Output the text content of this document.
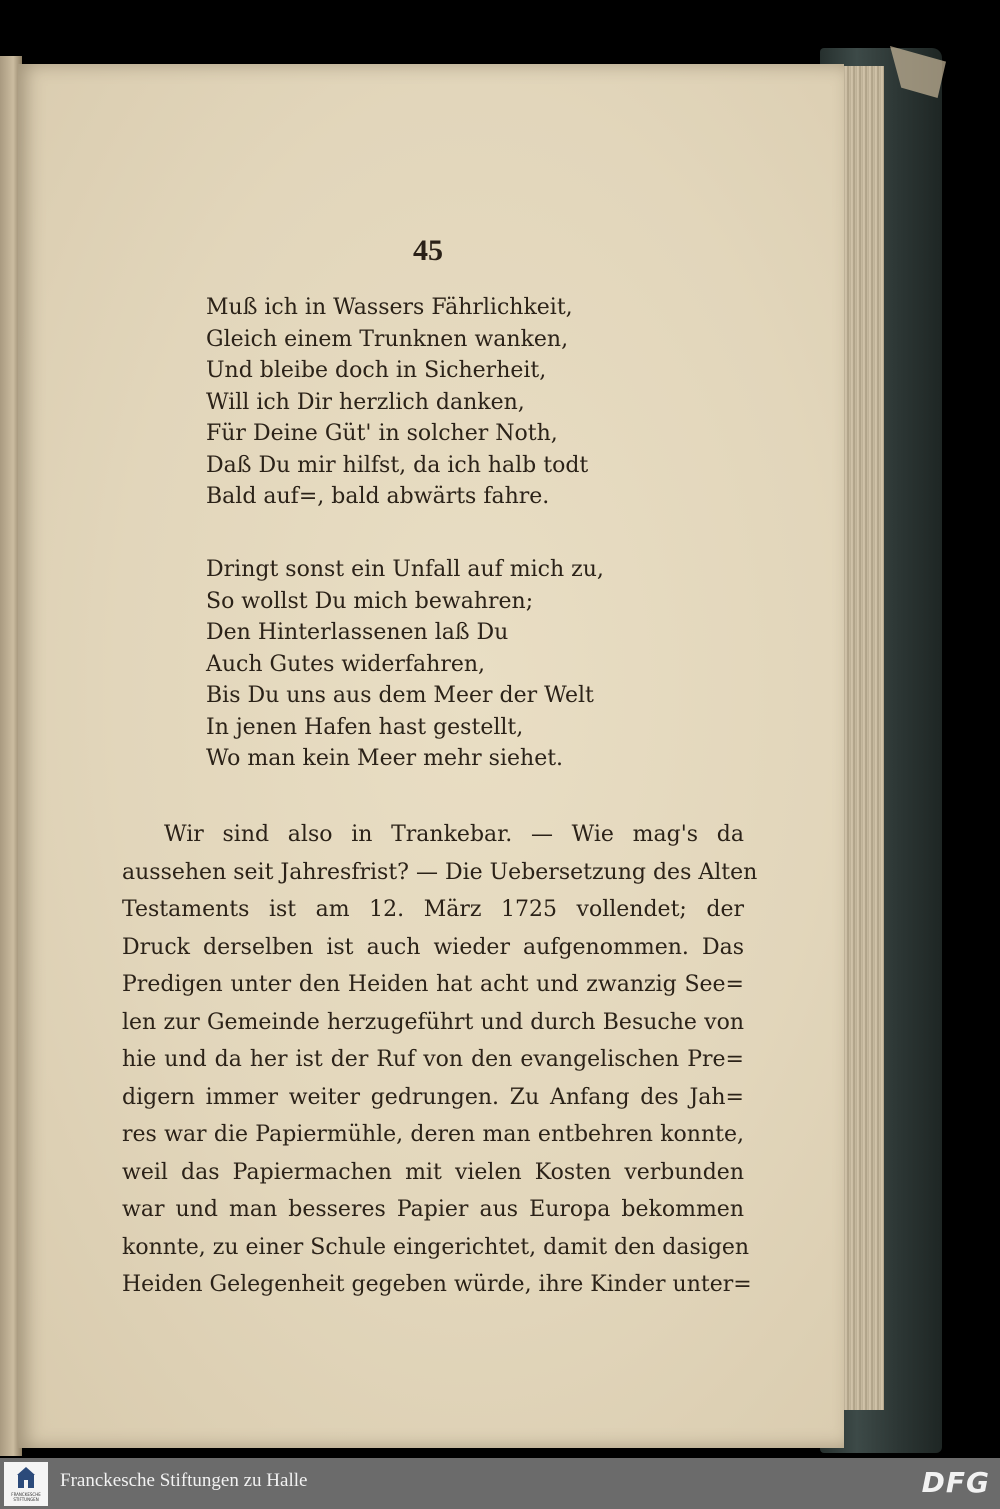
45
Muß ich in Wassers Fährlichkeit,
Gleich einem Trunknen wanken,
Und bleibe doch in Sicherheit,
Will ich Dir herzlich danken,
Für Deine Güt' in solcher Noth,
Daß Du mir hilfst, da ich halb todt
Bald auf=, bald abwärts fahre.
Dringt sonst ein Unfall auf mich zu,
So wollst Du mich bewahren;
Den Hinterlassenen laß Du
Auch Gutes widerfahren,
Bis Du uns aus dem Meer der Welt
In jenen Hafen hast gestellt,
Wo man kein Meer mehr siehet.
Wir sind also in Trankebar. — Wie mag's da
aussehen seit Jahresfrist? — Die Uebersetzung des Alten
Testaments ist am 12. März 1725 vollendet; der
Druck derselben ist auch wieder aufgenommen. Das
Predigen unter den Heiden hat acht und zwanzig See=
len zur Gemeinde herzugeführt und durch Besuche von
hie und da her ist der Ruf von den evangelischen Pre=
digern immer weiter gedrungen. Zu Anfang des Jah=
res war die Papiermühle, deren man entbehren konnte,
weil das Papiermachen mit vielen Kosten verbunden
war und man besseres Papier aus Europa bekommen
konnte, zu einer Schule eingerichtet, damit den dasigen
Heiden Gelegenheit gegeben würde, ihre Kinder unter=
FRANCKESCHE STIFTUNGEN
Franckesche Stiftungen zu Halle	DFG
